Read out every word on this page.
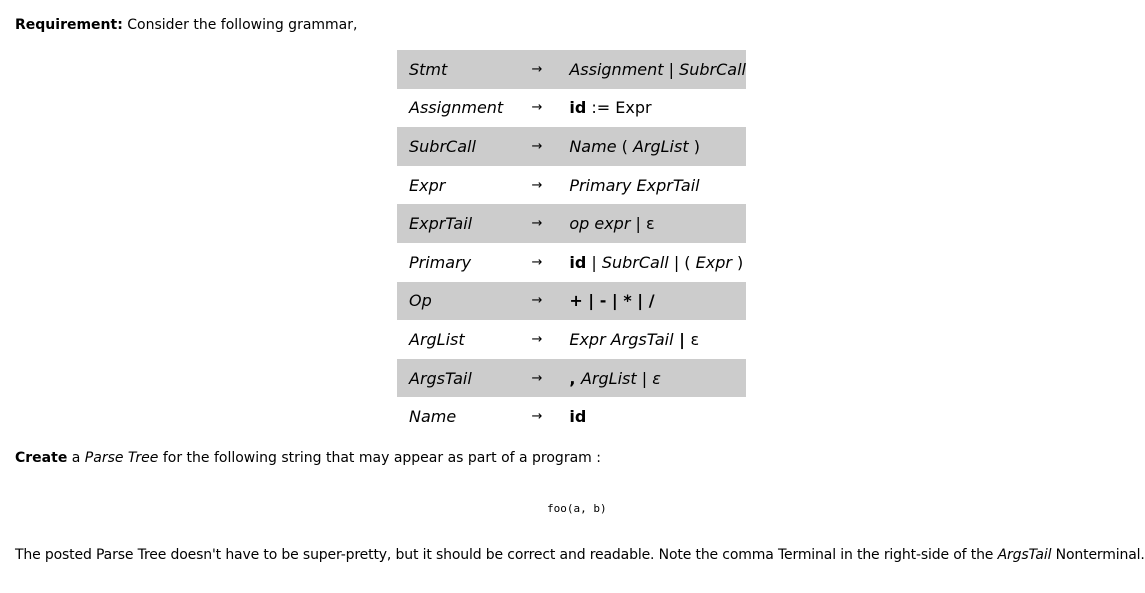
Requirement: Consider the following grammar,
Stmt	→	Assignment | SubrCall
Assignment	→	id := Expr
SubrCall	→	Name ( ArgList )
Expr	→	Primary ExprTail
ExprTail	→	op expr | ε
Primary	→	id | SubrCall | ( Expr )
Op	→	+ | - | * | /
ArgList	→	Expr ArgsTail | ε
ArgsTail	→	, ArgList | ε
Name	→	id
Create a Parse Tree for the following string that may appear as part of a program :
foo(a, b)
The posted Parse Tree doesn't have to be super-pretty, but it should be correct and readable. Note the comma Terminal in the right-side of the ArgsTail Nonterminal.
